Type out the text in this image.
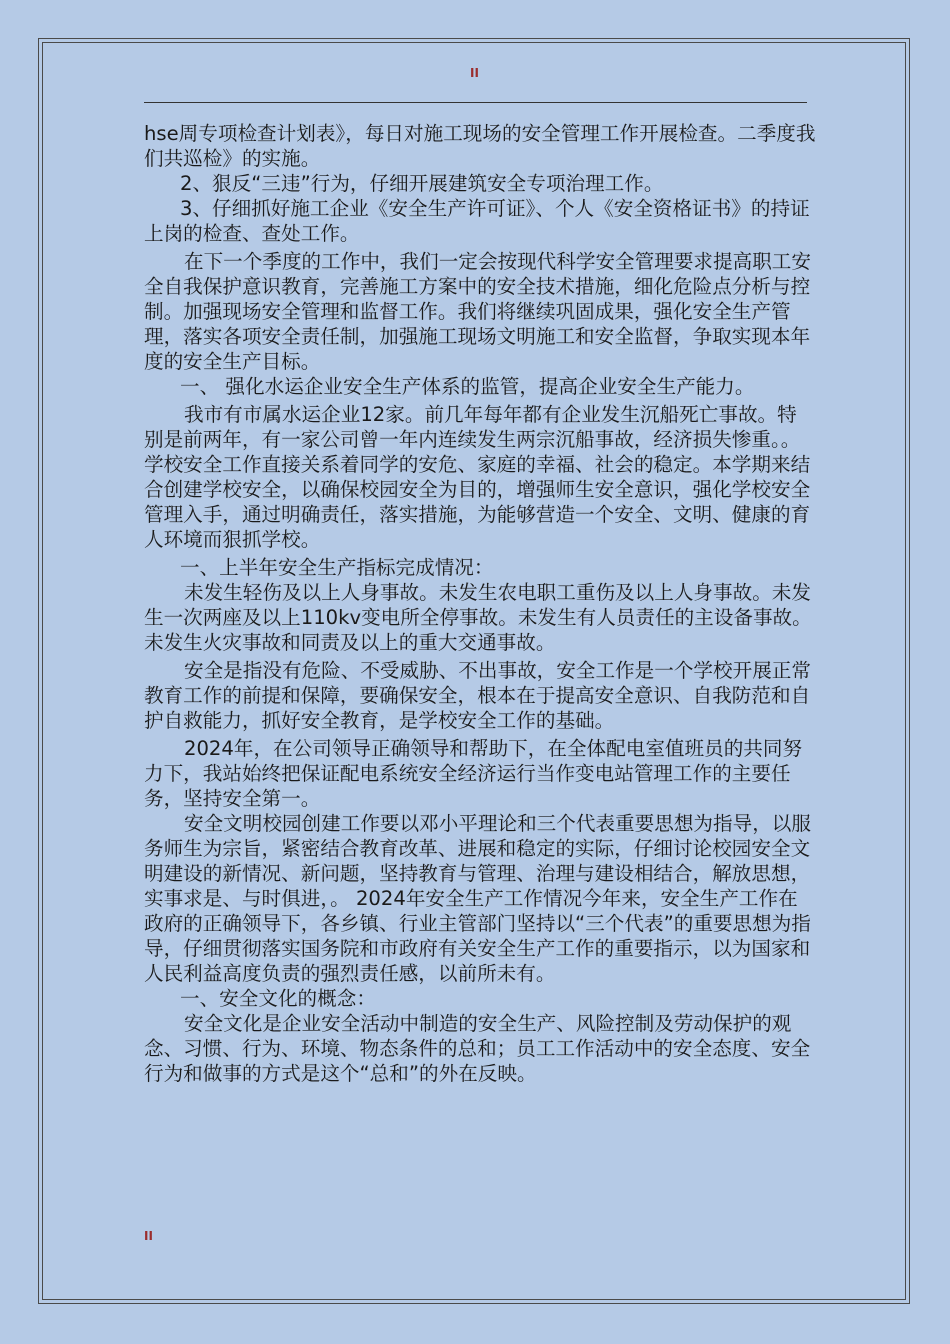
II

hse周专项检查计划表》，每日对施工现场的安全管理工作开展检查。二季度我们共巡检》的实施。

2、狠反“三违”行为，仔细开展建筑安全专项治理工作。

3、仔细抓好施工企业《安全生产许可证》、个人《安全资格证书》的持证上岗的检查、查处工作。

在下一个季度的工作中，我们一定会按现代科学安全管理要求提高职工安全自我保护意识教育，完善施工方案中的安全技术措施，细化危险点分析与控制。加强现场安全管理和监督工作。我们将继续巩固成果，强化安全生产管理，落实各项安全责任制，加强施工现场文明施工和安全监督，争取实现本年度的安全生产目标。

一、 强化水运企业安全生产体系的监管，提高企业安全生产能力。

我市有市属水运企业12家。前几年每年都有企业发生沉船死亡事故。特别是前两年，有一家公司曾一年内连续发生两宗沉船事故，经济损失惨重。。 学校安全工作直接关系着同学的安危、家庭的幸福、社会的稳定。本学期来结合创建学校安全，以确保校园安全为目的，增强师生安全意识，强化学校安全管理入手，通过明确责任，落实措施，为能够营造一个安全、文明、健康的育人环境而狠抓学校。

一、上半年安全生产指标完成情况：

未发生轻伤及以上人身事故。未发生农电职工重伤及以上人身事故。未发生一次两座及以上110kv变电所全停事故。未发生有人员责任的主设备事故。未发生火灾事故和同责及以上的重大交通事故。

安全是指没有危险、不受威胁、不出事故，安全工作是一个学校开展正常教育工作的前提和保障，要确保安全，根本在于提高安全意识、自我防范和自护自救能力，抓好安全教育，是学校安全工作的基础。

2024年，在公司领导正确领导和帮助下，在全体配电室值班员的共同努力下，我站始终把保证配电系统安全经济运行当作变电站管理工作的主要任务，坚持安全第一。

安全文明校园创建工作要以邓小平理论和三个代表重要思想为指导，以服务师生为宗旨，紧密结合教育改革、进展和稳定的实际，仔细讨论校园安全文明建设的新情况、新问题，坚持教育与管理、治理与建设相结合，解放思想，实事求是、与时俱进，。 2024年安全生产工作情况今年来，安全生产工作在政府的正确领导下，各乡镇、行业主管部门坚持以“三个代表”的重要思想为指导，仔细贯彻落实国务院和市政府有关安全生产工作的重要指示，以为国家和人民利益高度负责的强烈责任感，以前所未有。

一、安全文化的概念：

安全文化是企业安全活动中制造的安全生产、风险控制及劳动保护的观念、习惯、行为、环境、物态条件的总和；员工工作活动中的安全态度、安全行为和做事的方式是这个“总和”的外在反映。

II
